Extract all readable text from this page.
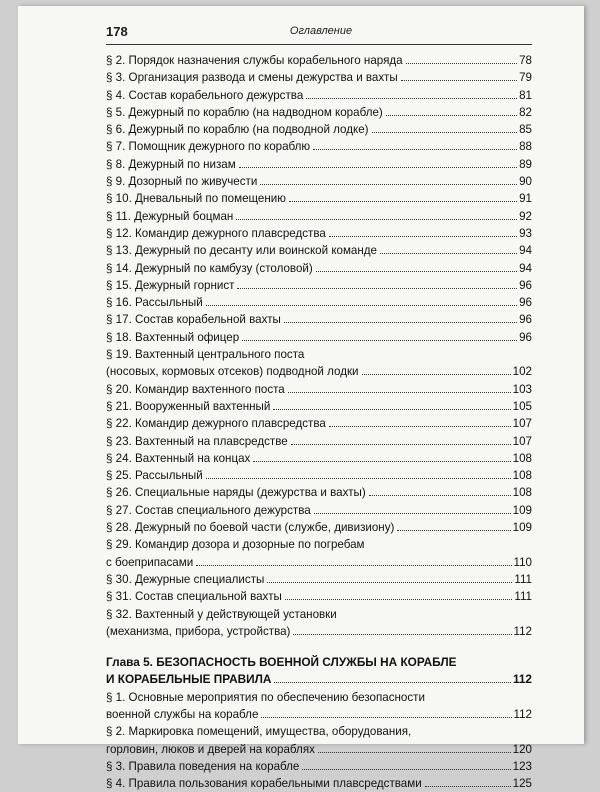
178	Оглавление
§ 2. Порядок назначения службы корабельного наряда	78
§ 3. Организация развода и смены дежурства и вахты	79
§ 4. Состав корабельного дежурства	81
§ 5. Дежурный по кораблю (на надводном корабле)	82
§ 6. Дежурный по кораблю (на подводной лодке)	85
§ 7. Помощник дежурного по кораблю	88
§ 8. Дежурный по низам	89
§ 9. Дозорный по живучести	90
§ 10. Дневальный по помещению	91
§ 11. Дежурный боцман	92
§ 12. Командир дежурного плавсредства	93
§ 13. Дежурный по десанту или воинской команде	94
§ 14. Дежурный по камбузу (столовой)	94
§ 15. Дежурный горнист	96
§ 16. Рассыльный	96
§ 17. Состав корабельной вахты	96
§ 18. Вахтенный офицер	96
§ 19. Вахтенный центрального поста
(носовых, кормовых отсеков) подводной лодки	102
§ 20. Командир вахтенного поста	103
§ 21. Вооруженный вахтенный	105
§ 22. Командир дежурного плавсредства	107
§ 23. Вахтенный на плавсредстве	107
§ 24. Вахтенный на концах	108
§ 25. Рассыльный	108
§ 26. Специальные наряды (дежурства и вахты)	108
§ 27. Состав специального дежурства	109
§ 28. Дежурный по боевой части (службе, дивизиону)	109
§ 29. Командир дозора и дозорные по погребам
с боеприпасами	110
§ 30. Дежурные специалисты	111
§ 31. Состав специальной вахты	111
§ 32. Вахтенный у действующей установки
(механизма, прибора, устройства)	112
Глава 5. БЕЗОПАСНОСТЬ ВОЕННОЙ СЛУЖБЫ НА КОРАБЛЕ
И КОРАБЕЛЬНЫЕ ПРАВИЛА	112
§ 1. Основные мероприятия по обеспечению безопасности
военной службы на корабле	112
§ 2. Маркировка помещений, имущества, оборудования,
горловин, люков и дверей на кораблях	120
§ 3. Правила поведения на корабле	123
§ 4. Правила пользования корабельными плавсредствами	125
